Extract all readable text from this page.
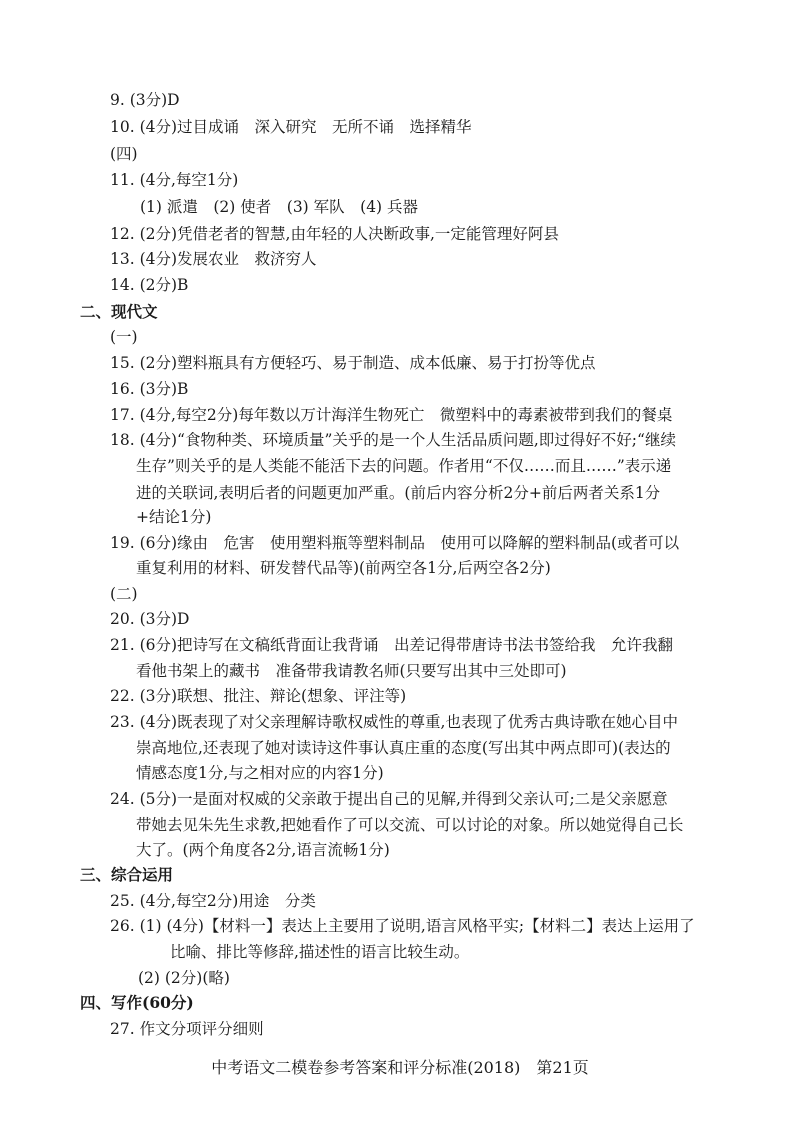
9. (3分)D
10. (4分)过目成诵　深入研究　无所不诵　选择精华
(四)
11. (4分,每空1分)
(1) 派遣　(2) 使者　(3) 军队　(4) 兵器
12. (2分)凭借老者的智慧,由年轻的人决断政事,一定能管理好阿县
13. (4分)发展农业　救济穷人
14. (2分)B
二、现代文
(一)
15. (2分)塑料瓶具有方便轻巧、易于制造、成本低廉、易于打扮等优点
16. (3分)B
17. (4分,每空2分)每年数以万计海洋生物死亡　微塑料中的毒素被带到我们的餐桌
18. (4分)“食物种类、环境质量”关乎的是一个人生活品质问题,即过得好不好;“继续
生存”则关乎的是人类能不能活下去的问题。作者用“不仅……而且……”表示递
进的关联词,表明后者的问题更加严重。(前后内容分析2分+前后两者关系1分
+结论1分)
19. (6分)缘由　危害　使用塑料瓶等塑料制品　使用可以降解的塑料制品(或者可以
重复利用的材料、研发替代品等)(前两空各1分,后两空各2分)
(二)
20. (3分)D
21. (6分)把诗写在文稿纸背面让我背诵　出差记得带唐诗书法书签给我　允许我翻
看他书架上的藏书　准备带我请教名师(只要写出其中三处即可)
22. (3分)联想、批注、辩论(想象、评注等)
23. (4分)既表现了对父亲理解诗歌权威性的尊重,也表现了优秀古典诗歌在她心目中
崇高地位,还表现了她对读诗这件事认真庄重的态度(写出其中两点即可)(表达的
情感态度1分,与之相对应的内容1分)
24. (5分)一是面对权威的父亲敢于提出自己的见解,并得到父亲认可;二是父亲愿意
带她去见朱先生求教,把她看作了可以交流、可以讨论的对象。所以她觉得自己长
大了。(两个角度各2分,语言流畅1分)
三、综合运用
25. (4分,每空2分)用途　分类
26. (1) (4分)【材料一】表达上主要用了说明,语言风格平实;【材料二】表达上运用了
比喻、排比等修辞,描述性的语言比较生动。
(2) (2分)(略)
四、写作(60分)
27. 作文分项评分细则
中考语文二模卷参考答案和评分标准(2018)　第21页
